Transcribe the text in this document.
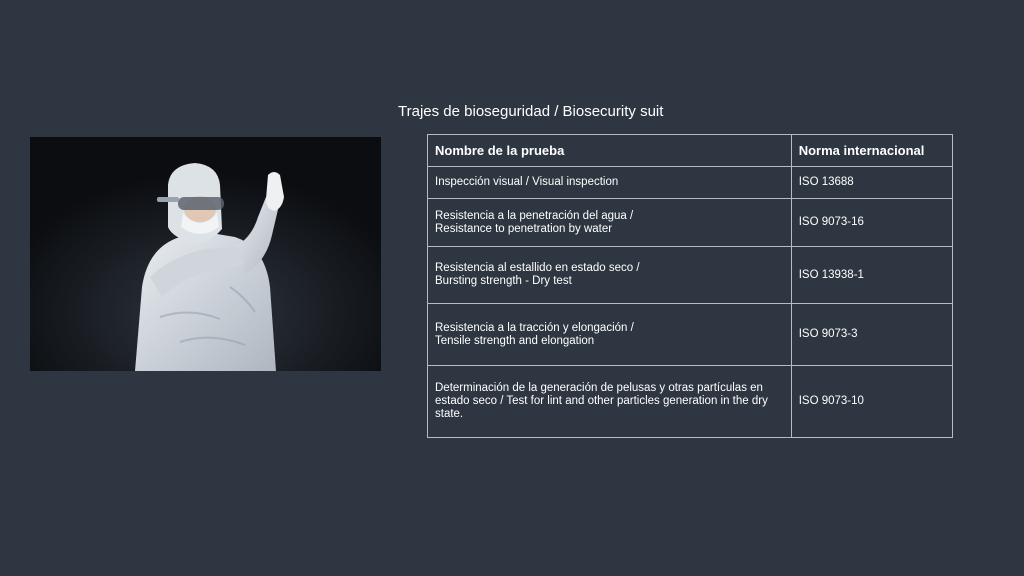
Trajes de bioseguridad / Biosecurity suit
Nombre de la prueba	Norma internacional

Inspección visual / Visual inspection	ISO 13688

Resistencia a la penetración del agua /
Resistance to penetration by water	ISO 9073-16

Resistencia al estallido en estado seco /
Bursting strength - Dry test	ISO 13938-1

Resistencia a la tracción y elongación /
Tensile strength and elongation	ISO 9073-3

Determinación de la generación de pelusas y otras partículas en estado seco / Test for lint and other particles generation in the dry state.	ISO 9073-10
